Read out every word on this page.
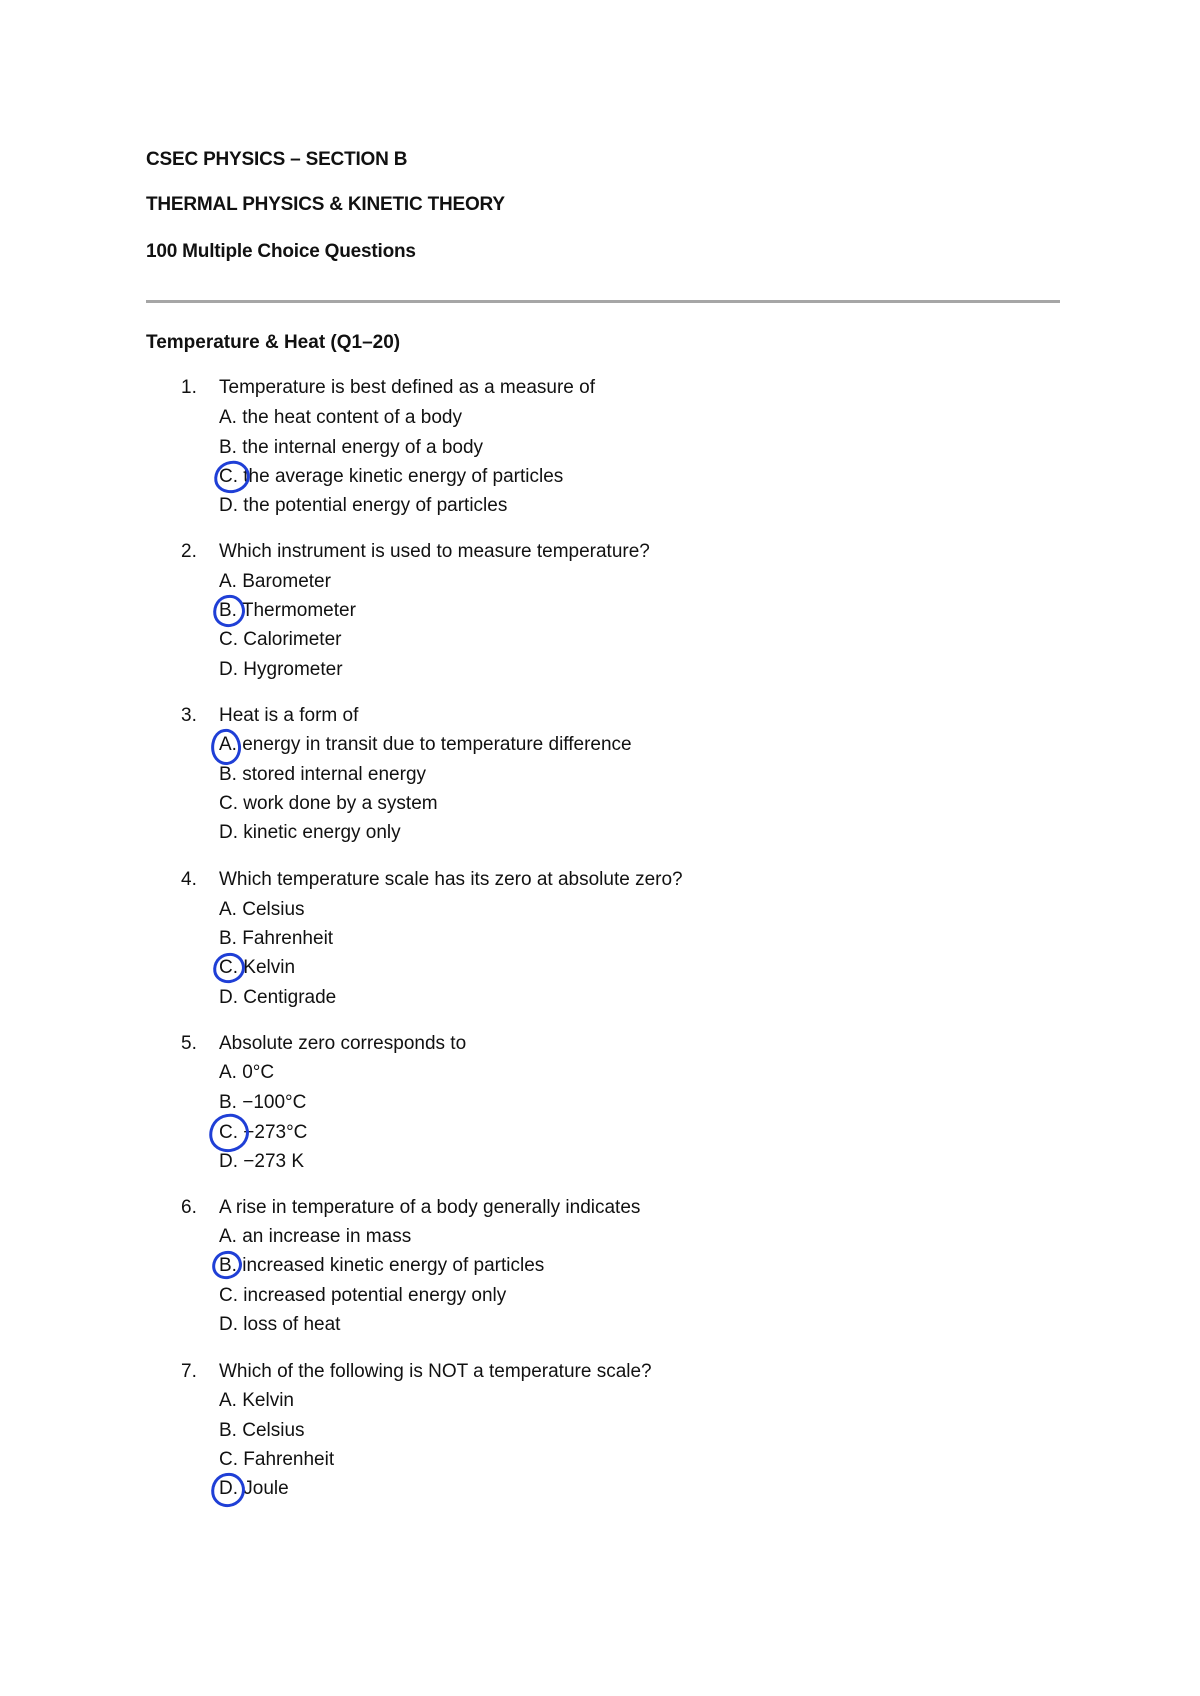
CSEC PHYSICS – SECTION B

THERMAL PHYSICS & KINETIC THEORY

100 Multiple Choice Questions

Temperature & Heat (Q1–20)

1. Temperature is best defined as a measure of
A. the heat content of a body
B. the internal energy of a body
C. the average kinetic energy of particles
D. the potential energy of particles
2. Which instrument is used to measure temperature?
A. Barometer
B. Thermometer
C. Calorimeter
D. Hygrometer
3. Heat is a form of
A. energy in transit due to temperature difference
B. stored internal energy
C. work done by a system
D. kinetic energy only
4. Which temperature scale has its zero at absolute zero?
A. Celsius
B. Fahrenheit
C. Kelvin
D. Centigrade
5. Absolute zero corresponds to
A. 0°C
B. −100°C
C. −273°C
D. −273 K
6. A rise in temperature of a body generally indicates
A. an increase in mass
B. increased kinetic energy of particles
C. increased potential energy only
D. loss of heat
7. Which of the following is NOT a temperature scale?
A. Kelvin
B. Celsius
C. Fahrenheit
D. Joule
